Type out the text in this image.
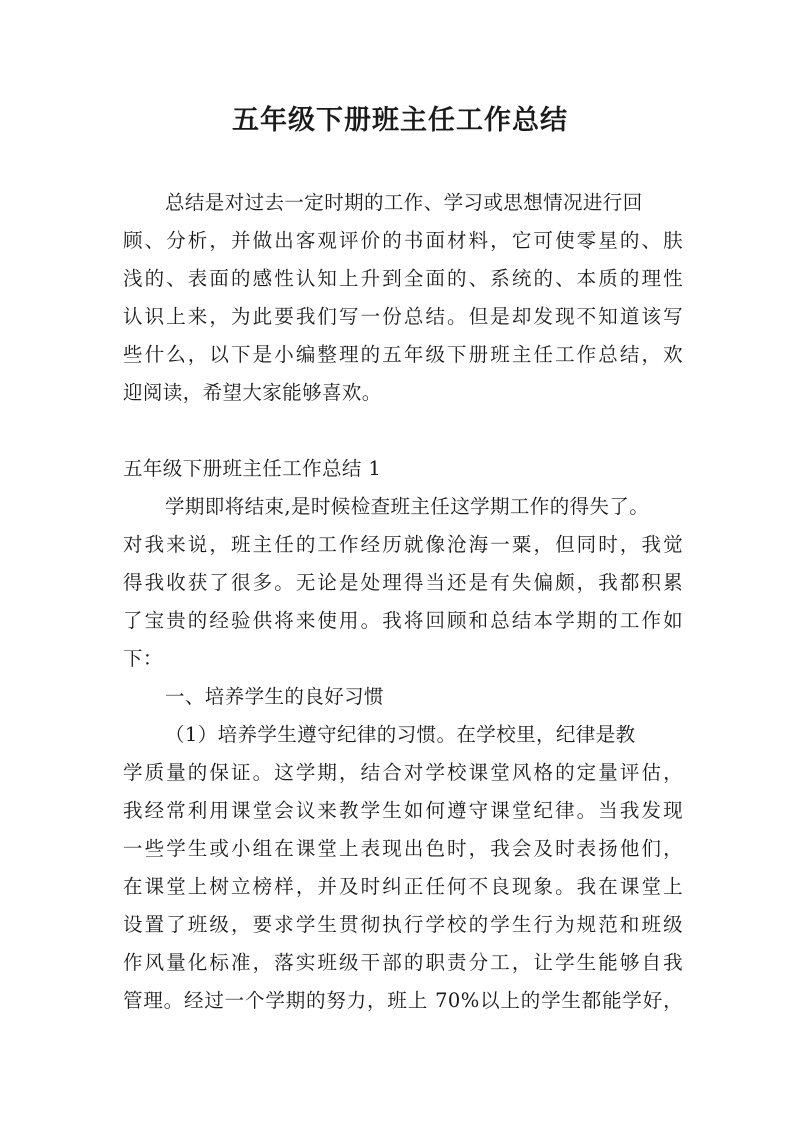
五年级下册班主任工作总结
总结是对过去一定时期的工作、学习或思想情况进行回
顾、分析，并做出客观评价的书面材料，它可使零星的、肤
浅的、表面的感性认知上升到全面的、系统的、本质的理性
认识上来，为此要我们写一份总结。但是却发现不知道该写
些什么，以下是小编整理的五年级下册班主任工作总结，欢
迎阅读，希望大家能够喜欢。
五年级下册班主任工作总结 1
学期即将结束,是时候检查班主任这学期工作的得失了。
对我来说，班主任的工作经历就像沧海一粟，但同时，我觉
得我收获了很多。无论是处理得当还是有失偏颇，我都积累
了宝贵的经验供将来使用。我将回顾和总结本学期的工作如
下：
一、培养学生的良好习惯
（1）培养学生遵守纪律的习惯。在学校里，纪律是教
学质量的保证。这学期，结合对学校课堂风格的定量评估，
我经常利用课堂会议来教学生如何遵守课堂纪律。当我发现
一些学生或小组在课堂上表现出色时，我会及时表扬他们，
在课堂上树立榜样，并及时纠正任何不良现象。我在课堂上
设置了班级，要求学生贯彻执行学校的学生行为规范和班级
作风量化标准，落实班级干部的职责分工，让学生能够自我
管理。经过一个学期的努力，班上 70%以上的学生都能学好，
